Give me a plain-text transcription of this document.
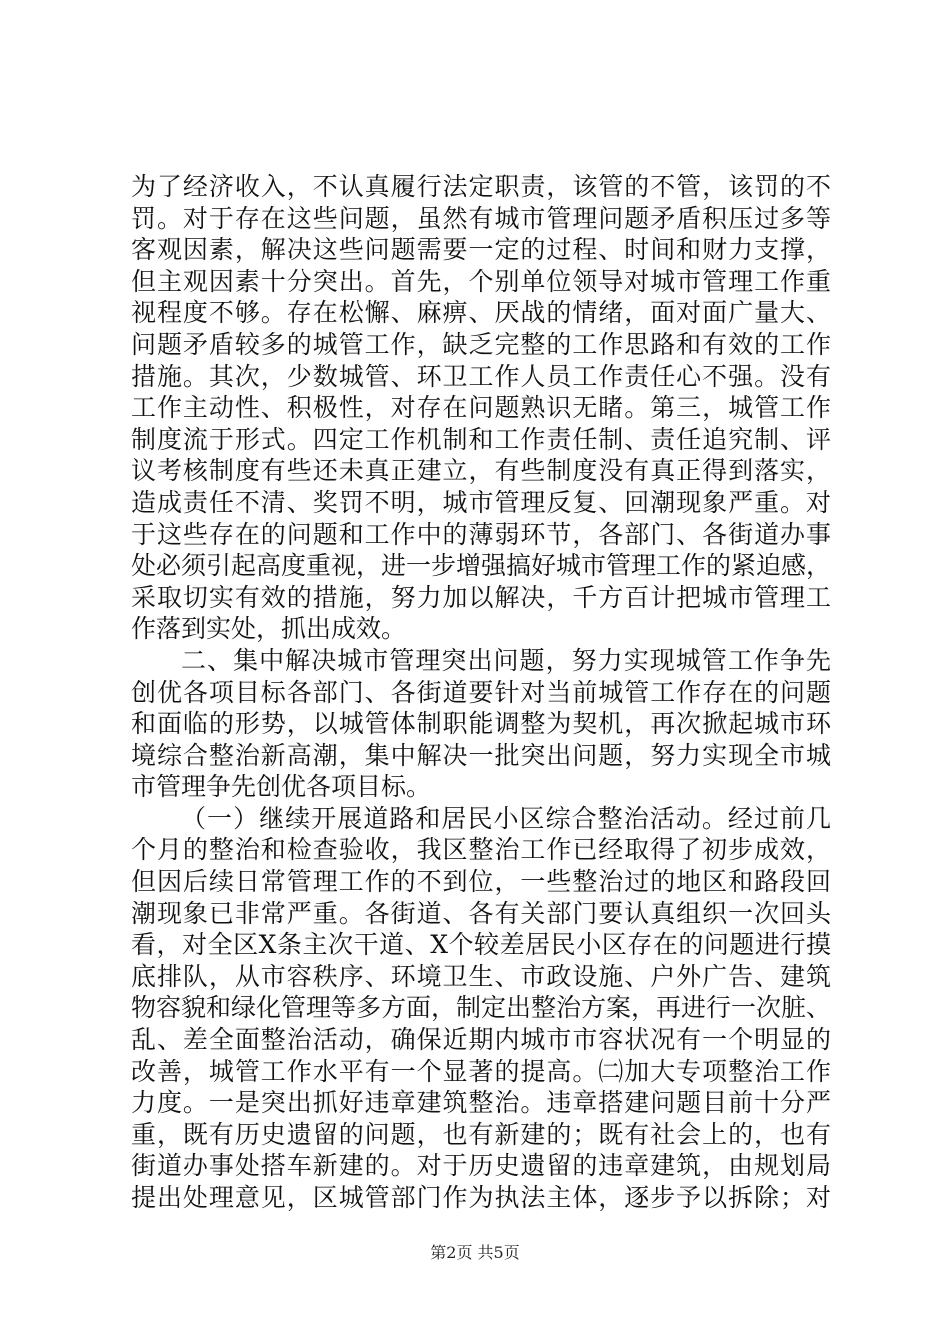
为了经济收入，不认真履行法定职责，该管的不管，该罚的不
罚。对于存在这些问题，虽然有城市管理问题矛盾积压过多等
客观因素，解决这些问题需要一定的过程、时间和财力支撑，
但主观因素十分突出。首先，个别单位领导对城市管理工作重
视程度不够。存在松懈、麻痹、厌战的情绪，面对面广量大、
问题矛盾较多的城管工作，缺乏完整的工作思路和有效的工作
措施。其次，少数城管、环卫工作人员工作责任心不强。没有
工作主动性、积极性，对存在问题熟识无睹。第三，城管工作
制度流于形式。四定工作机制和工作责任制、责任追究制、评
议考核制度有些还未真正建立，有些制度没有真正得到落实，
造成责任不清、奖罚不明，城市管理反复、回潮现象严重。对
于这些存在的问题和工作中的薄弱环节，各部门、各街道办事
处必须引起高度重视，进一步增强搞好城市管理工作的紧迫感，
采取切实有效的措施，努力加以解决，千方百计把城市管理工
作落到实处，抓出成效。
二、集中解决城市管理突出问题，努力实现城管工作争先
创优各项目标各部门、各街道要针对当前城管工作存在的问题
和面临的形势，以城管体制职能调整为契机，再次掀起城市环
境综合整治新高潮，集中解决一批突出问题，努力实现全市城
市管理争先创优各项目标。
（一）继续开展道路和居民小区综合整治活动。经过前几
个月的整治和检查验收，我区整治工作已经取得了初步成效，
但因后续日常管理工作的不到位，一些整治过的地区和路段回
潮现象已非常严重。各街道、各有关部门要认真组织一次回头
看，对全区X条主次干道、X个较差居民小区存在的问题进行摸
底排队，从市容秩序、环境卫生、市政设施、户外广告、建筑
物容貌和绿化管理等多方面，制定出整治方案，再进行一次脏、
乱、差全面整治活动，确保近期内城市市容状况有一个明显的
改善，城管工作水平有一个显著的提高。㈡加大专项整治工作
力度。一是突出抓好违章建筑整治。违章搭建问题目前十分严
重，既有历史遗留的问题，也有新建的；既有社会上的，也有
街道办事处搭车新建的。对于历史遗留的违章建筑，由规划局
提出处理意见，区城管部门作为执法主体，逐步予以拆除；对
第2页 共5页
